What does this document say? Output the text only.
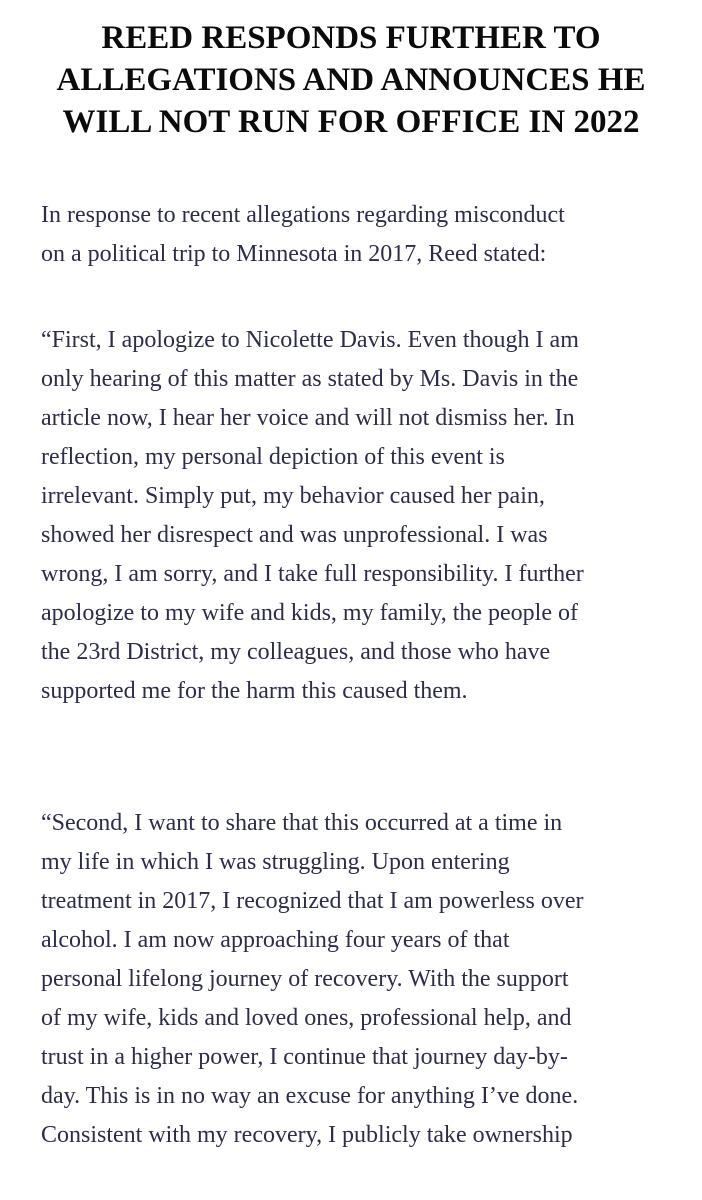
REED RESPONDS FURTHER TO
ALLEGATIONS AND ANNOUNCES HE
WILL NOT RUN FOR OFFICE IN 2022

In response to recent allegations regarding misconduct
on a political trip to Minnesota in 2017, Reed stated:

“First, I apologize to Nicolette Davis. Even though I am
only hearing of this matter as stated by Ms. Davis in the
article now, I hear her voice and will not dismiss her. In
reflection, my personal depiction of this event is
irrelevant. Simply put, my behavior caused her pain,
showed her disrespect and was unprofessional. I was
wrong, I am sorry, and I take full responsibility. I further
apologize to my wife and kids, my family, the people of
the 23rd District, my colleagues, and those who have
supported me for the harm this caused them.

“Second, I want to share that this occurred at a time in
my life in which I was struggling. Upon entering
treatment in 2017, I recognized that I am powerless over
alcohol. I am now approaching four years of that
personal lifelong journey of recovery. With the support
of my wife, kids and loved ones, professional help, and
trust in a higher power, I continue that journey day-by-
day. This is in no way an excuse for anything I’ve done.
Consistent with my recovery, I publicly take ownership
